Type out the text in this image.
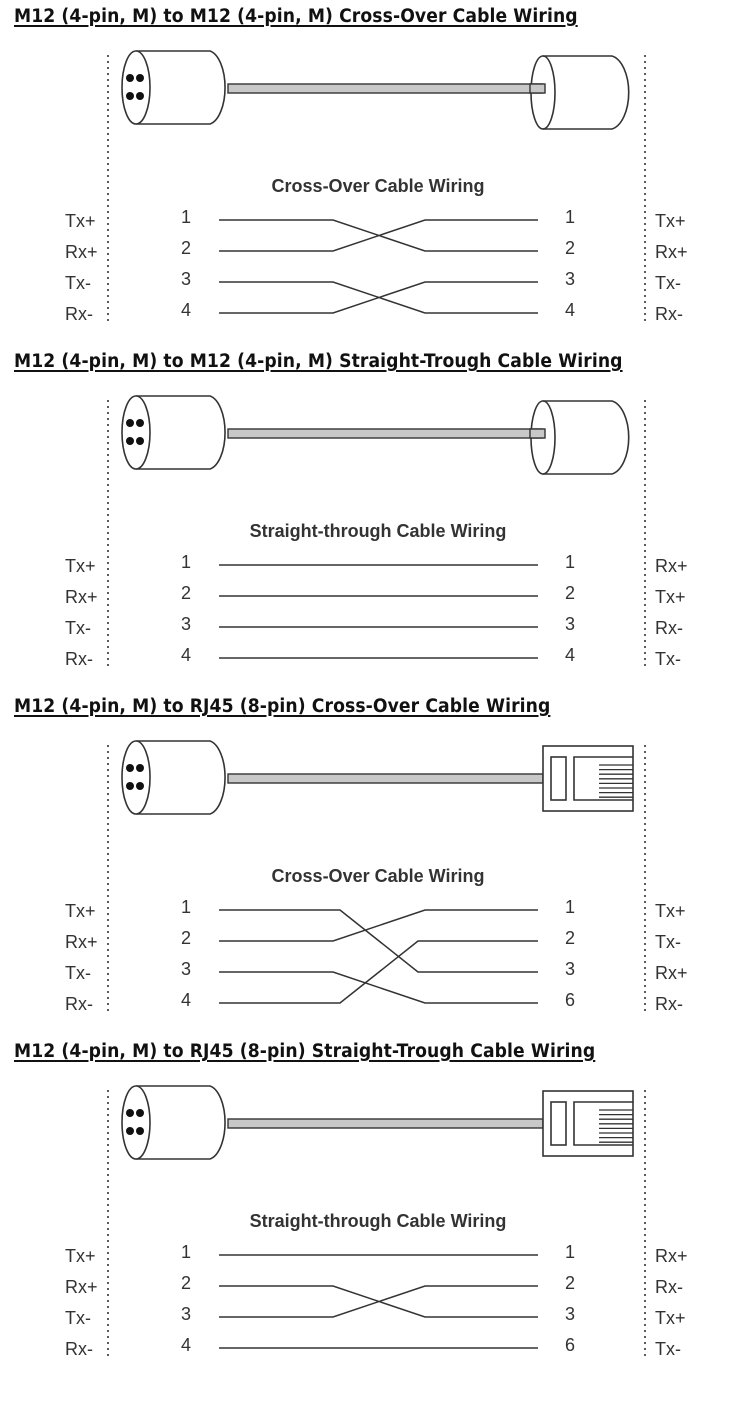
M12 (4-pin, M) to M12 (4-pin, M) Cross-Over Cable Wiring
Cross-Over Cable Wiring
Tx+	1	1	Tx+
Rx+	2	2	Rx+
Tx-	3	3	Tx-
Rx-	4	4	Rx-
M12 (4-pin, M) to M12 (4-pin, M) Straight-Trough Cable Wiring
Straight-through Cable Wiring
Tx+	1	1	Rx+
Rx+	2	2	Tx+
Tx-	3	3	Rx-
Rx-	4	4	Tx-
M12 (4-pin, M) to RJ45 (8-pin) Cross-Over Cable Wiring
Cross-Over Cable Wiring
Tx+	1	1	Tx+
Rx+	2	2	Tx-
Tx-	3	3	Rx+
Rx-	4	6	Rx-
M12 (4-pin, M) to RJ45 (8-pin) Straight-Trough Cable Wiring
Straight-through Cable Wiring
Tx+	1	1	Rx+
Rx+	2	2	Rx-
Tx-	3	3	Tx+
Rx-	4	6	Tx-
